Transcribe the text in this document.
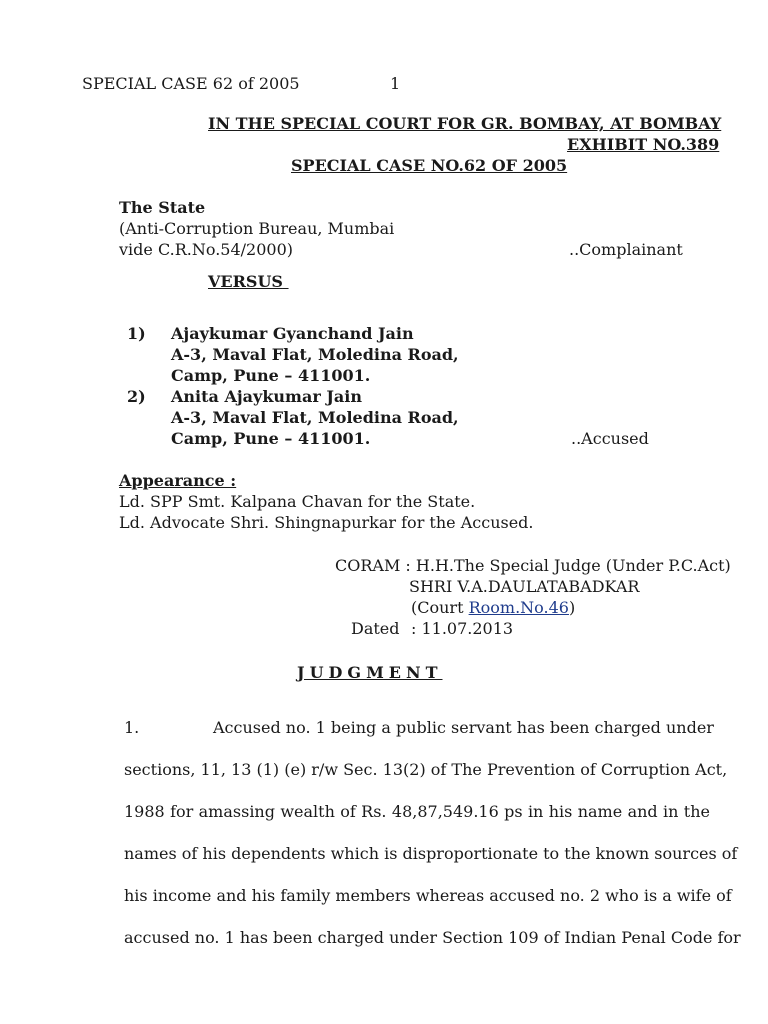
SPECIAL CASE 62 of 2005	1
IN THE SPECIAL COURT FOR GR. BOMBAY, AT BOMBAY
EXHIBIT NO.389
SPECIAL CASE NO.62 OF 2005
The State
(Anti-Corruption Bureau, Mumbai
vide C.R.No.54/2000)	..Complainant
VERSUS
1) Ajaykumar Gyanchand Jain
A-3, Maval Flat, Moledina Road,
Camp, Pune – 411001.
2) Anita Ajaykumar Jain
A-3, Maval Flat, Moledina Road,
Camp, Pune – 411001.	..Accused
Appearance :
Ld. SPP Smt. Kalpana Chavan for the State.
Ld. Advocate Shri. Shingnapurkar for the Accused.
CORAM : H.H.The Special Judge (Under P.C.Act)
SHRI V.A.DAULATABADKAR
(Court Room.No.46)
Dated : 11.07.2013
JUDGMENT
1.	Accused no. 1 being a public servant has been charged under
sections, 11, 13 (1) (e) r/w Sec. 13(2) of The Prevention of Corruption Act,
1988 for amassing wealth of Rs. 48,87,549.16 ps in his name and in the
names of his dependents which is disproportionate to the known sources of
his income and his family members whereas accused no. 2 who is a wife of
accused no. 1 has been charged under Section 109 of Indian Penal Code for
